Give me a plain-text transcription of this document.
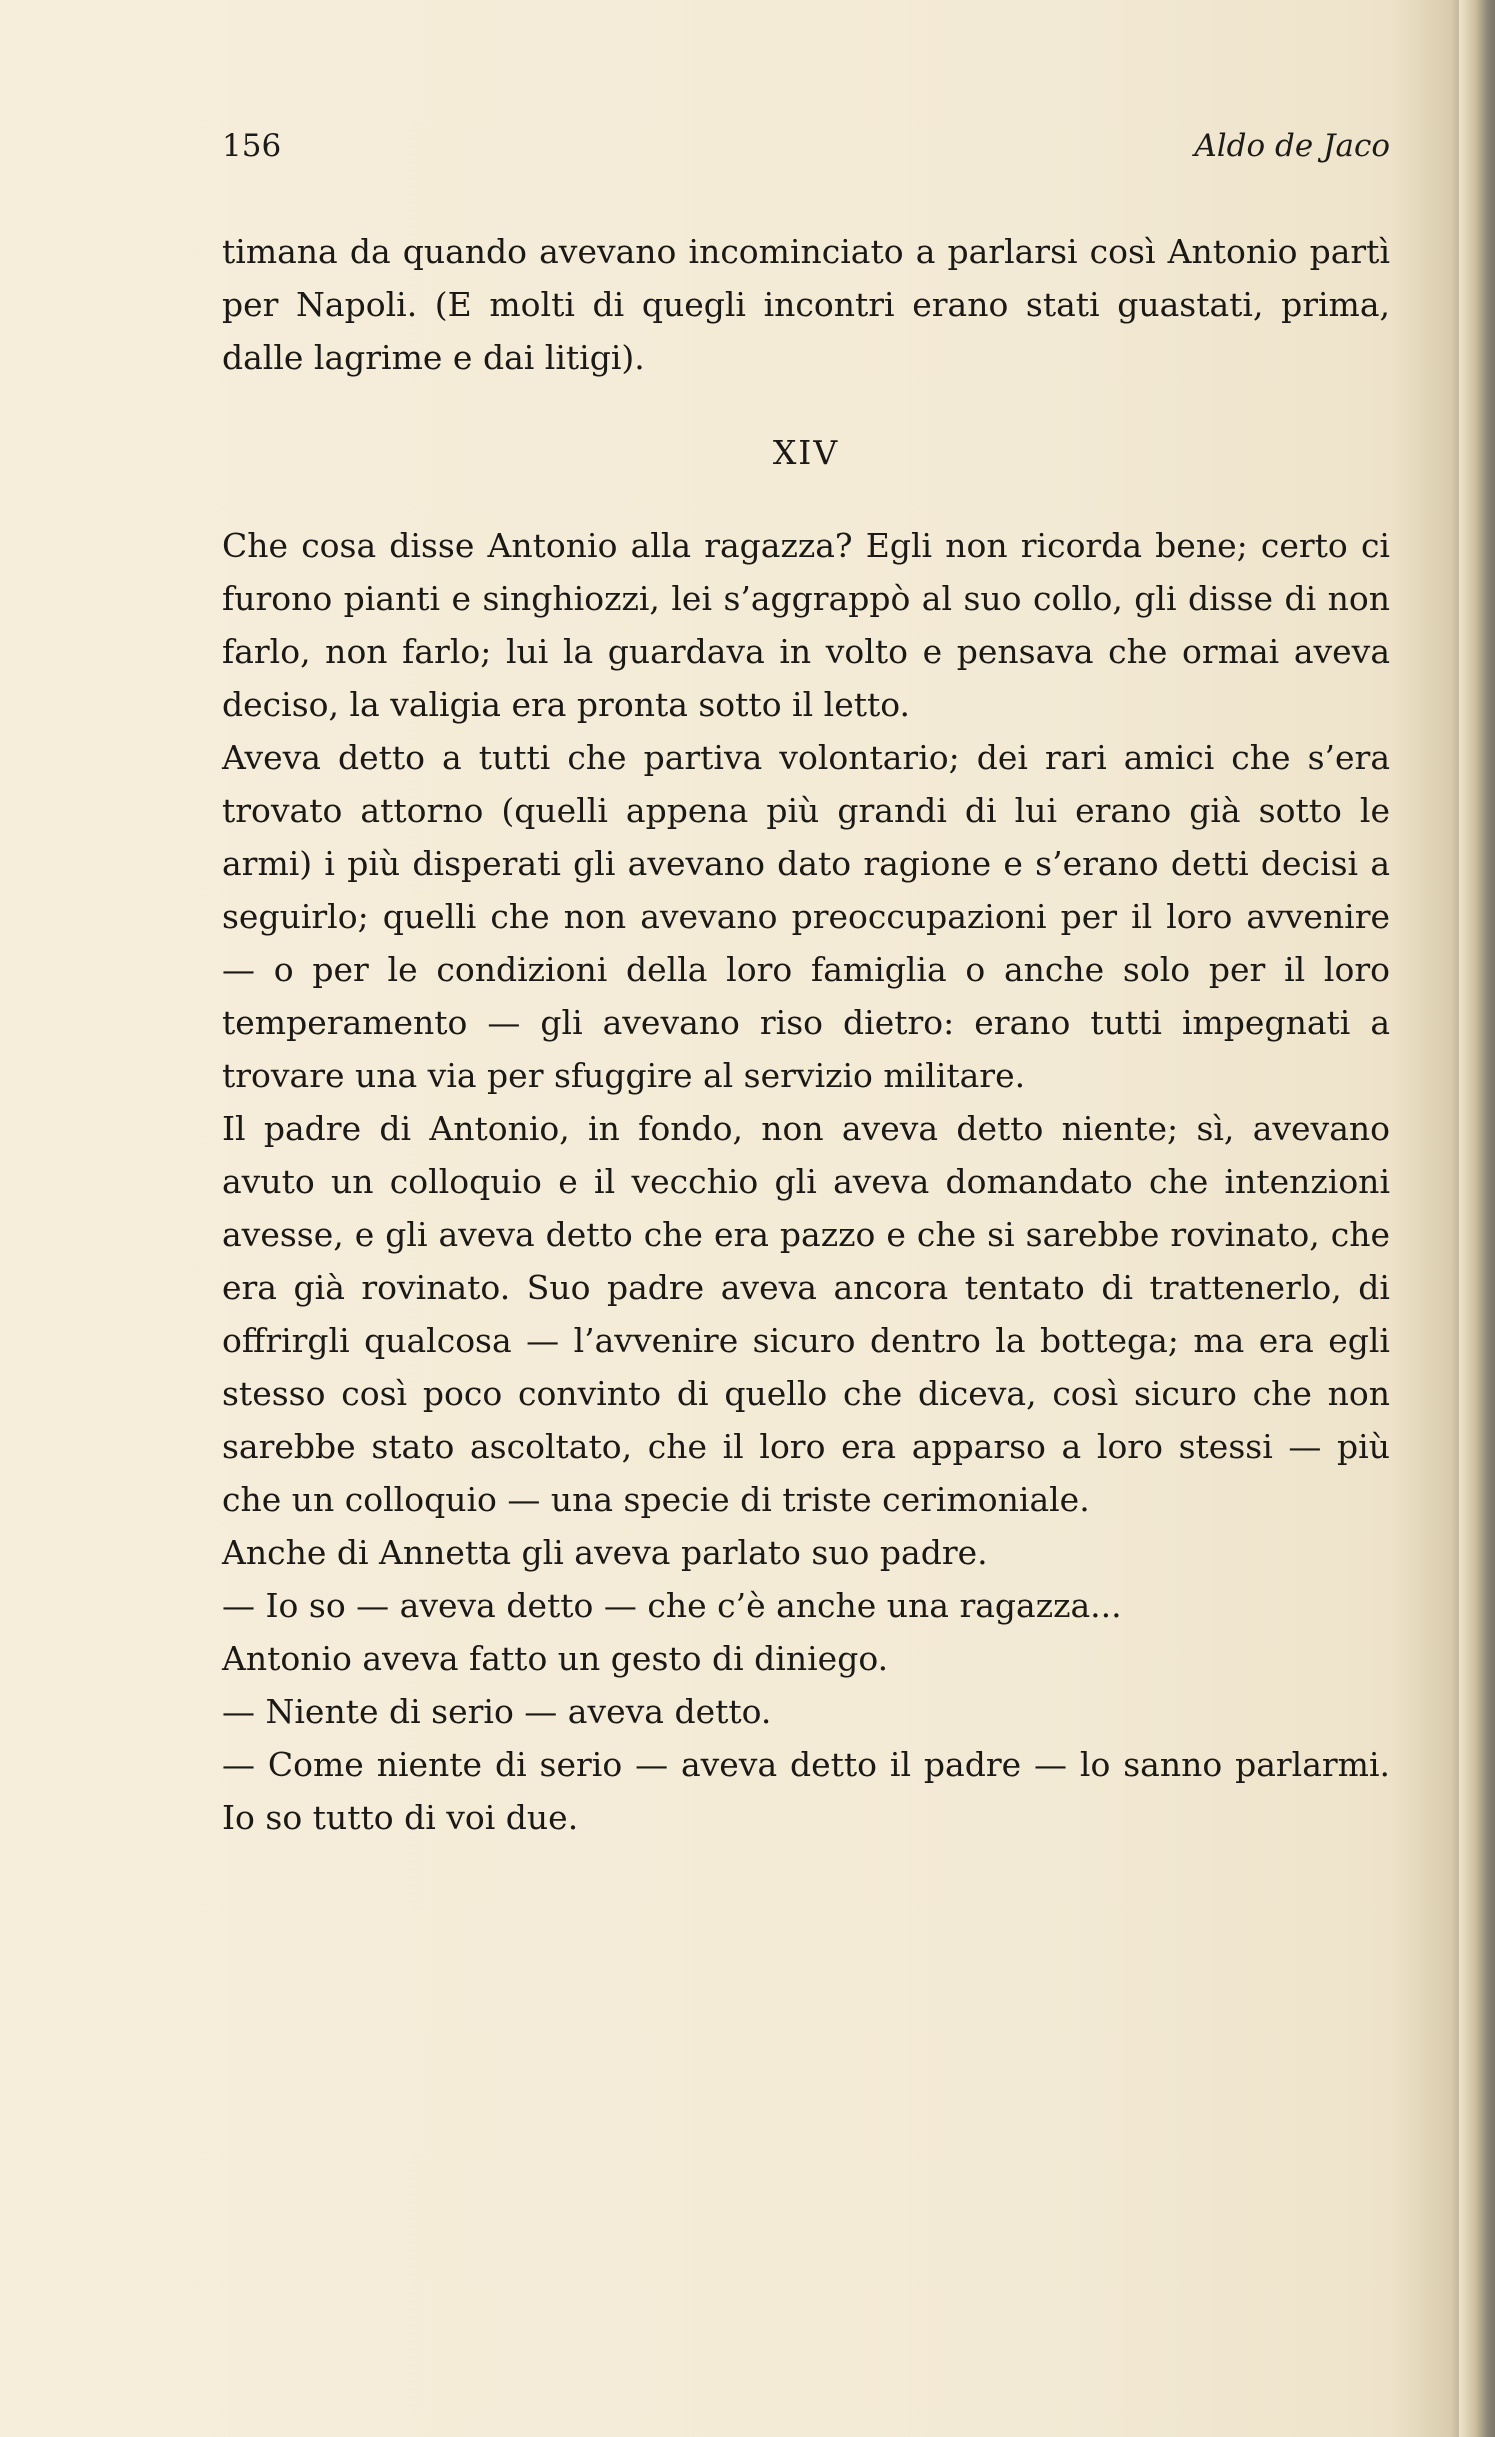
156	Aldo de Jaco

timana da quando avevano incominciato a parlarsi così Antonio partì per Napoli. (E molti di quegli incontri erano stati guastati, prima, dalle lagrime e dai litigi).

XIV

Che cosa disse Antonio alla ragazza? Egli non ricorda bene; certo ci furono pianti e singhiozzi, lei s’aggrappò al suo collo, gli disse di non farlo, non farlo; lui la guardava in volto e pensava che ormai aveva deciso, la valigia era pronta sotto il letto.

Aveva detto a tutti che partiva volontario; dei rari amici che s’era trovato attorno (quelli appena più grandi di lui erano già sotto le armi) i più disperati gli avevano dato ragione e s’erano detti decisi a seguirlo; quelli che non avevano preoccupazioni per il loro avvenire — o per le condizioni della loro famiglia o anche solo per il loro temperamento — gli avevano riso dietro: erano tutti impegnati a trovare una via per sfuggire al servizio militare.

Il padre di Antonio, in fondo, non aveva detto niente; sì, avevano avuto un colloquio e il vecchio gli aveva domandato che intenzioni avesse, e gli aveva detto che era pazzo e che si sarebbe rovinato, che era già rovinato. Suo padre aveva ancora tentato di trattenerlo, di offrirgli qualcosa — l’avvenire sicuro dentro la bottega; ma era egli stesso così poco convinto di quello che diceva, così sicuro che non sarebbe stato ascoltato, che il loro era apparso a loro stessi — più che un colloquio — una specie di triste cerimoniale.

Anche di Annetta gli aveva parlato suo padre.

— Io so — aveva detto — che c’è anche una ragazza...

Antonio aveva fatto un gesto di diniego.

— Niente di serio — aveva detto.

— Come niente di serio — aveva detto il padre — lo sanno parlarmi. Io so tutto di voi due.
